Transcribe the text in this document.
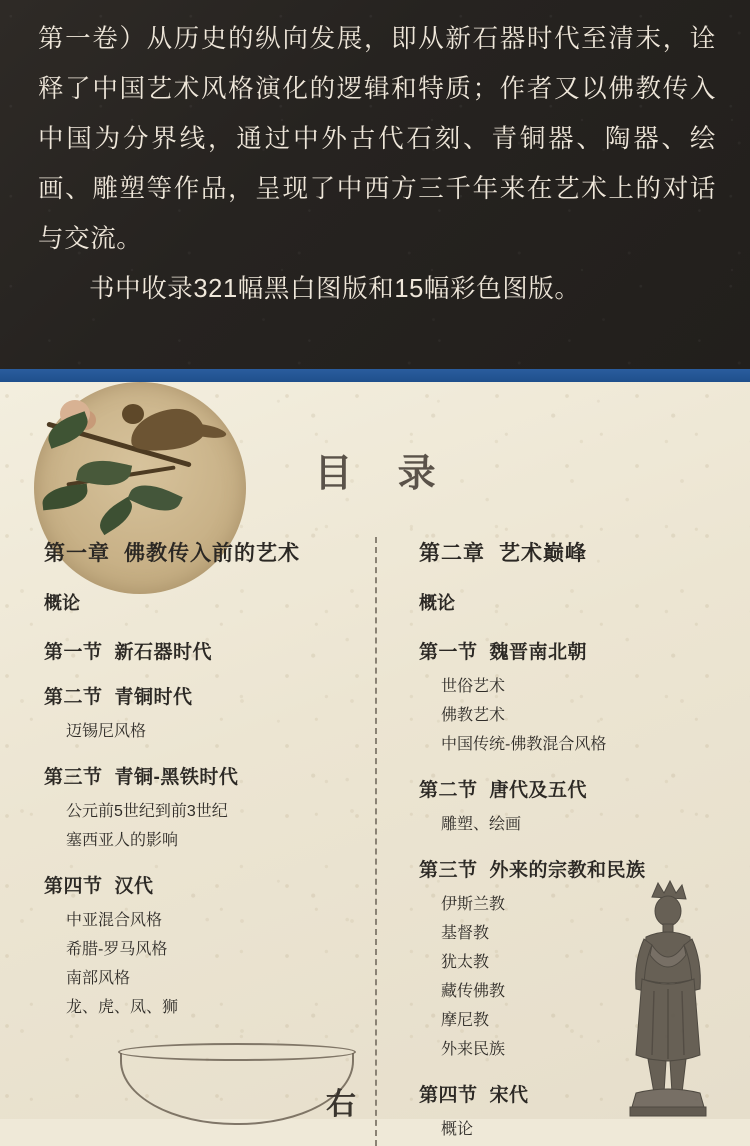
第一卷）从历史的纵向发展，即从新石器时代至清末，诠释了中国艺术风格演化的逻辑和特质；作者又以佛教传入中国为分界线，通过中外古代石刻、青铜器、陶器、绘画、雕塑等作品，呈现了中西方三千年来在艺术上的对话与交流。

书中收录321幅黑白图版和15幅彩色图版。

目 录
第一章 佛教传入前的艺术
概论
第一节 新石器时代
第二节 青铜时代
迈锡尼风格
第三节 青铜-黑铁时代
公元前5世纪到前3世纪
塞西亚人的影响
第四节 汉代
中亚混合风格
希腊-罗马风格
南部风格
龙、虎、凤、狮
第二章 艺术巅峰
概论
第一节 魏晋南北朝
世俗艺术
佛教艺术
中国传统-佛教混合风格
第二节 唐代及五代
雕塑、绘画
第三节 外来的宗教和民族
伊斯兰教
基督教
犹太教
藏传佛教
摩尼教
外来民族
第四节 宋代
概论
右
